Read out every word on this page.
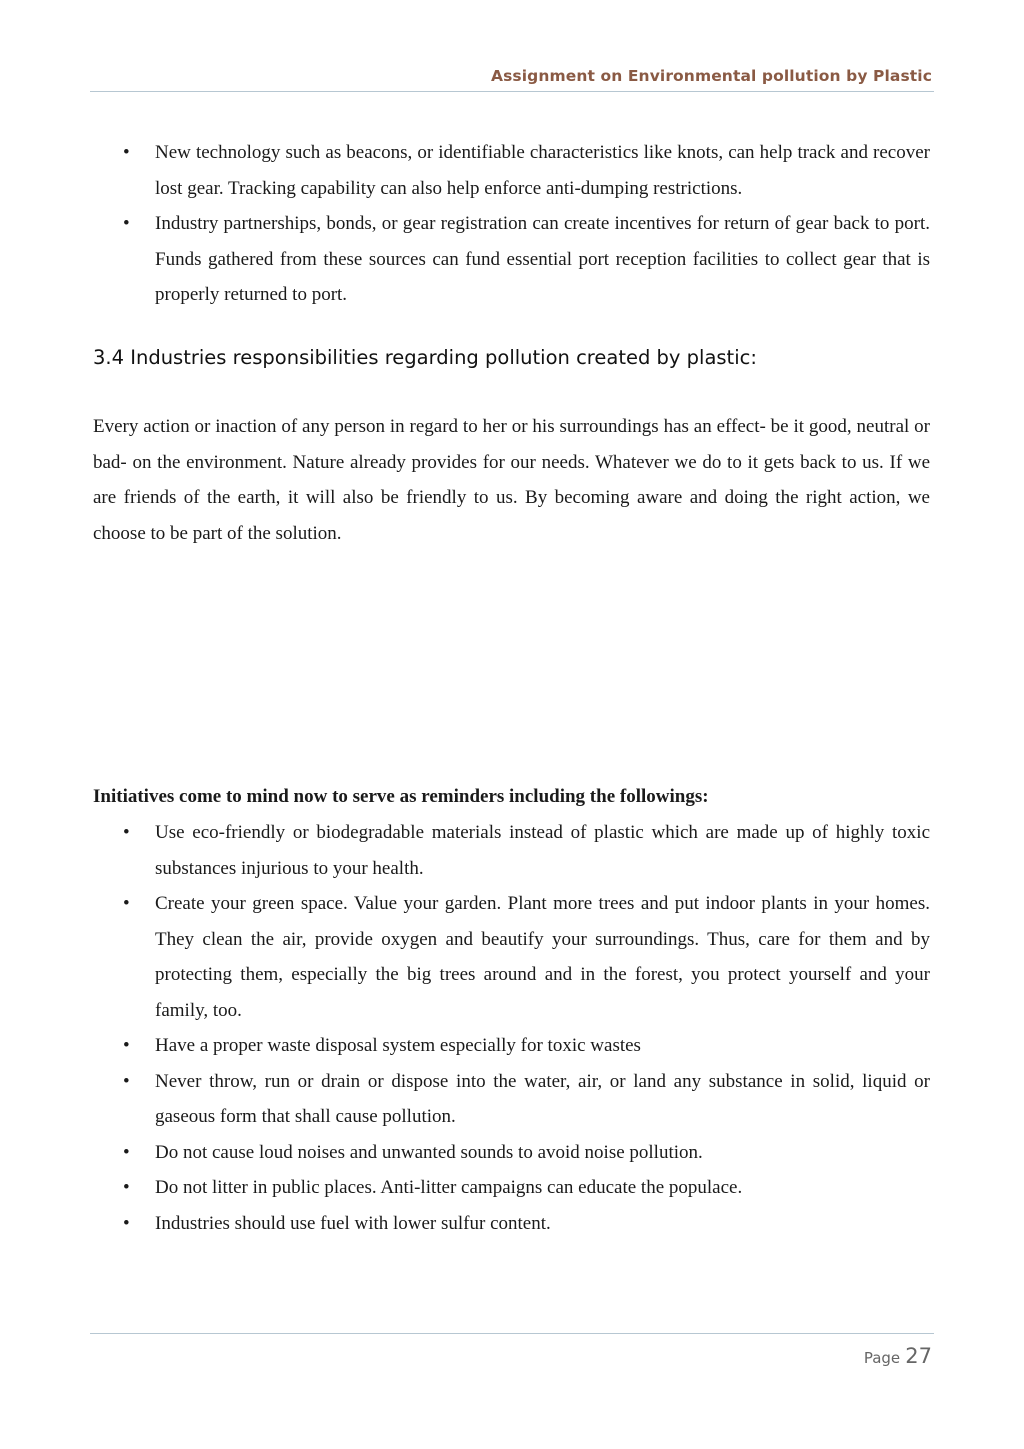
Assignment on Environmental pollution by Plastic
• New technology such as beacons, or identifiable characteristics like knots, can help track and recover lost gear. Tracking capability can also help enforce anti-dumping restrictions.
• Industry partnerships, bonds, or gear registration can create incentives for return of gear back to port. Funds gathered from these sources can fund essential port reception facilities to collect gear that is properly returned to port.
3.4 Industries responsibilities regarding pollution created by plastic:

Every action or inaction of any person in regard to her or his surroundings has an effect- be it good, neutral or bad- on the environment. Nature already provides for our needs. Whatever we do to it gets back to us. If we are friends of the earth, it will also be friendly to us. By becoming aware and doing the right action, we choose to be part of the solution.

Initiatives come to mind now to serve as reminders including the followings:

• Use eco-friendly or biodegradable materials instead of plastic which are made up of highly toxic substances injurious to your health.
• Create your green space. Value your garden. Plant more trees and put indoor plants in your homes. They clean the air, provide oxygen and beautify your surroundings. Thus, care for them and by protecting them, especially the big trees around and in the forest, you protect yourself and your family, too.
• Have a proper waste disposal system especially for toxic wastes
• Never throw, run or drain or dispose into the water, air, or land any substance in solid, liquid or gaseous form that shall cause pollution.
• Do not cause loud noises and unwanted sounds to avoid noise pollution.
• Do not litter in public places. Anti-litter campaigns can educate the populace.
• Industries should use fuel with lower sulfur content.
Page 27
